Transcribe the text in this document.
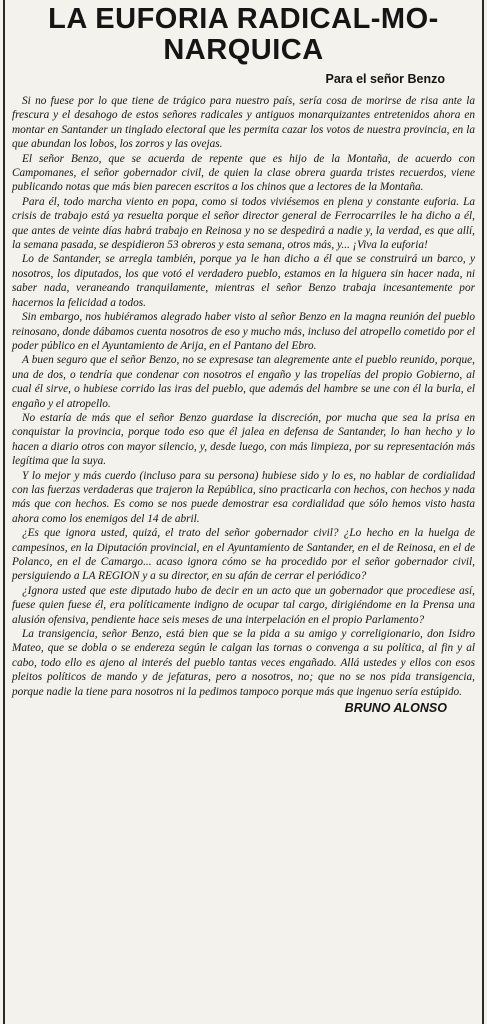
LA EUFORIA RADICAL-MO-
NARQUICA
Para el señor Benzo

Si no fuese por lo que tiene de trágico para nuestro país, sería cosa de morirse de risa ante la frescura y el desahogo de estos señores radicales y antiguos monarquizantes entretenidos ahora en montar en Santander un tinglado electoral que les permita cazar los votos de nuestra provincia, en la que abundan los lobos, los zorros y las ovejas.

El señor Benzo, que se acuerda de repente que es hijo de la Montaña, de acuerdo con Campomanes, el señor gobernador civil, de quien la clase obrera guarda tristes recuerdos, viene publicando notas que más bien parecen escritos a los chinos que a lectores de la Montaña.

Para él, todo marcha viento en popa, como si todos viviésemos en plena y constante euforia. La crisis de trabajo está ya resuelta porque el señor director general de Ferrocarriles le ha dicho a él, que antes de veinte días habrá trabajo en Reinosa y no se despedirá a nadie y, la verdad, es que allí, la semana pasada, se despidieron 53 obreros y esta semana, otros más, y... ¡Viva la euforia!

Lo de Santander, se arregla también, porque ya le han dicho a él que se construirá un barco, y nosotros, los diputados, los que votó el verdadero pueblo, estamos en la higuera sin hacer nada, ni saber nada, veraneando tranquilamente, mientras el señor Benzo trabaja incesantemente por hacernos la felicidad a todos.

Sin embargo, nos hubiéramos alegrado haber visto al señor Benzo en la magna reunión del pueblo reinosano, donde dábamos cuenta nosotros de eso y mucho más, incluso del atropello cometido por el poder público en el Ayuntamiento de Arija, en el Pantano del Ebro.

A buen seguro que el señor Benzo, no se expresase tan alegremente ante el pueblo reunido, porque, una de dos, o tendría que condenar con nosotros el engaño y las tropelías del propio Gobierno, al cual él sirve, o hubiese corrido las iras del pueblo, que además del hambre se une con él la burla, el engaño y el atropello.

No estaría de más que el señor Benzo guardase la discreción, por mucha que sea la prisa en conquistar la provincia, porque todo eso que él jalea en defensa de Santander, lo han hecho y lo hacen a diario otros con mayor silencio, y, desde luego, con más limpieza, por su representación más legítima que la suya.

Y lo mejor y más cuerdo (incluso para su persona) hubiese sido y lo es, no hablar de cordialidad con las fuerzas verdaderas que trajeron la República, sino practicarla con hechos, con hechos y nada más que con hechos. Es como se nos puede demostrar esa cordialidad que sólo hemos visto hasta ahora como los enemigos del 14 de abril.

¿Es que ignora usted, quizá, el trato del señor gobernador civil? ¿Lo hecho en la huelga de campesinos, en la Diputación provincial, en el Ayuntamiento de Santander, en el de Reinosa, en el de Polanco, en el de Camargo... acaso ignora cómo se ha procedido por el señor gobernador civil, persiguiendo a LA REGION y a su director, en su afán de cerrar el periódico?

¿Ignora usted que este diputado hubo de decir en un acto que un gobernador que procediese así, fuese quien fuese él, era políticamente indigno de ocupar tal cargo, dirigiéndome en la Prensa una alusión ofensiva, pendiente hace seis meses de una interpelación en el propio Parlamento?

La transigencia, señor Benzo, está bien que se la pida a su amigo y correligionario, don Isidro Mateo, que se dobla o se endereza según le calgan las tornas o convenga a su política, al fin y al cabo, todo ello es ajeno al interés del pueblo tantas veces engañado. Allá ustedes y ellos con esos pleitos políticos de mando y de jefaturas, pero a nosotros, no; que no se nos pida transigencia, porque nadie la tiene para nosotros ni la pedimos tampoco porque más que ingenuo sería estúpido.

BRUNO ALONSO
